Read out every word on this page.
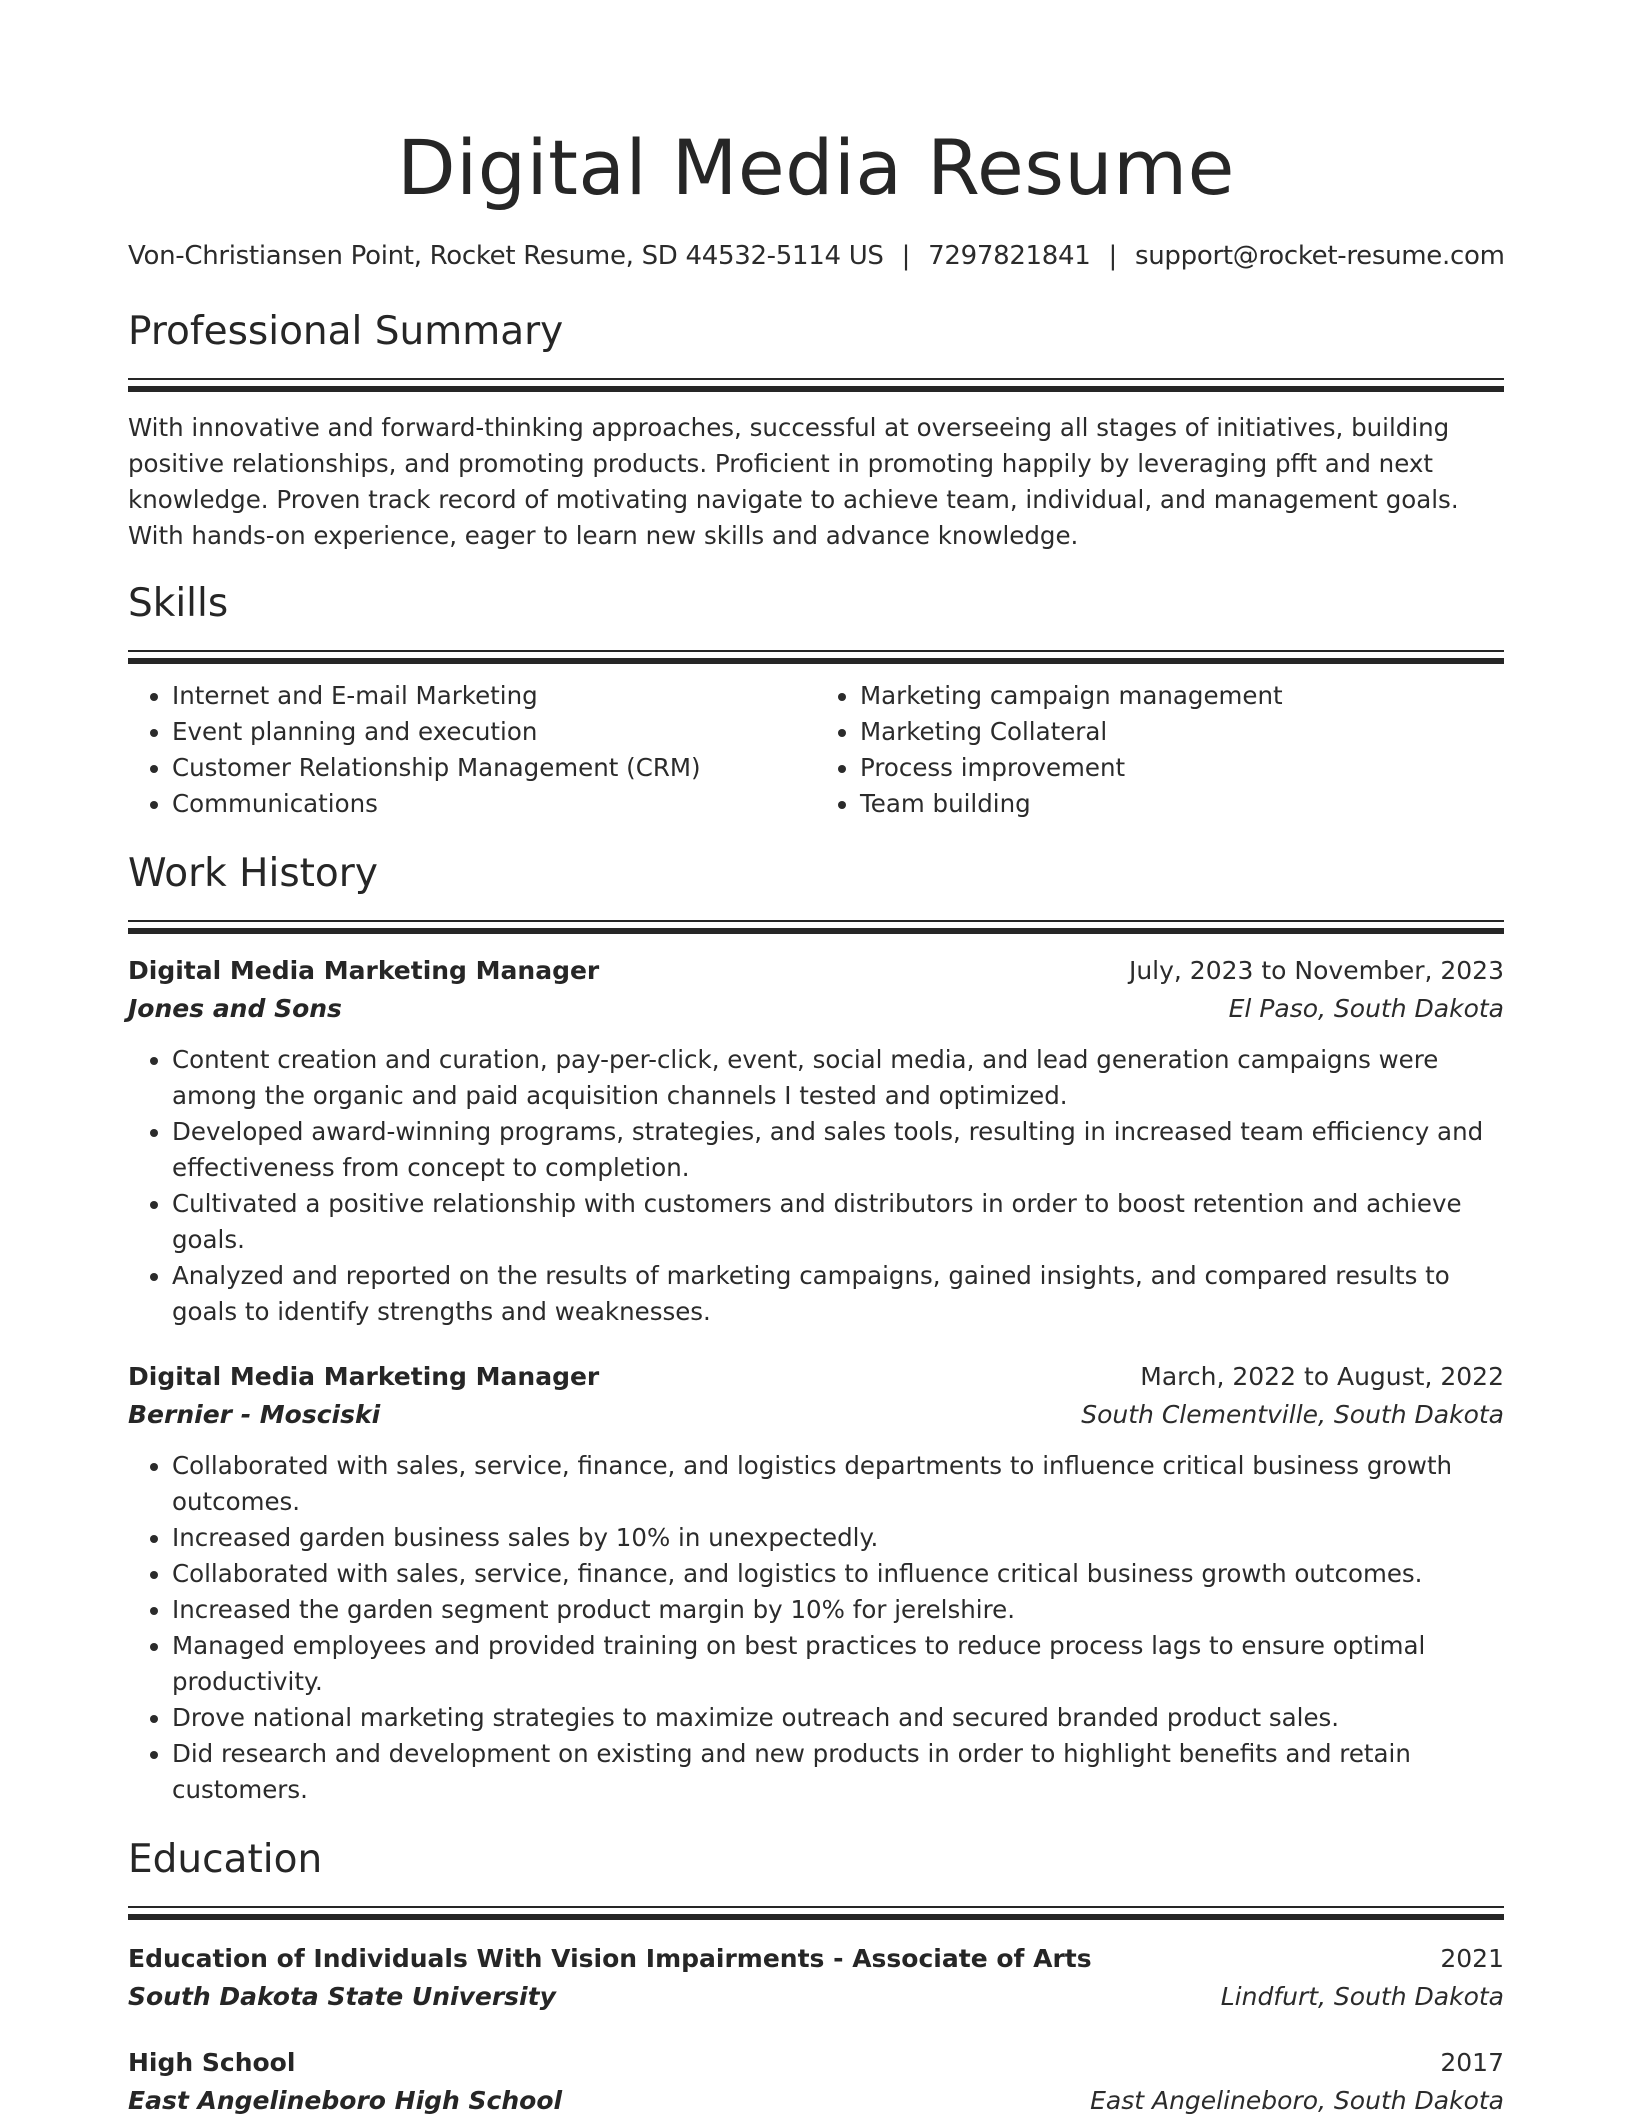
Digital Media Resume
Von-Christiansen Point, Rocket Resume, SD 44532-5114 US | 7297821841 | support@rocket-resume.com
Professional Summary

With innovative and forward-thinking approaches, successful at overseeing all stages of initiatives, building positive relationships, and promoting products. Proficient in promoting happily by leveraging pfft and next knowledge. Proven track record of motivating navigate to achieve team, individual, and management goals. With hands-on experience, eager to learn new skills and advance knowledge.

Skills
• Internet and E-mail Marketing
• Event planning and execution
• Customer Relationship Management (CRM)
• Communications
• Marketing campaign management
• Marketing Collateral
• Process improvement
• Team building
Work History
Digital Media Marketing Manager	July, 2023 to November, 2023
Jones and Sons	El Paso, South Dakota
• Content creation and curation, pay-per-click, event, social media, and lead generation campaigns were among the organic and paid acquisition channels I tested and optimized.
• Developed award-winning programs, strategies, and sales tools, resulting in increased team efficiency and effectiveness from concept to completion.
• Cultivated a positive relationship with customers and distributors in order to boost retention and achieve goals.
• Analyzed and reported on the results of marketing campaigns, gained insights, and compared results to goals to identify strengths and weaknesses.
Digital Media Marketing Manager	March, 2022 to August, 2022
Bernier - Mosciski	South Clementville, South Dakota
• Collaborated with sales, service, finance, and logistics departments to influence critical business growth outcomes.
• Increased garden business sales by 10% in unexpectedly.
• Collaborated with sales, service, finance, and logistics to influence critical business growth outcomes.
• Increased the garden segment product margin by 10% for jerelshire.
• Managed employees and provided training on best practices to reduce process lags to ensure optimal productivity.
• Drove national marketing strategies to maximize outreach and secured branded product sales.
• Did research and development on existing and new products in order to highlight benefits and retain customers.
Education
Education of Individuals With Vision Impairments - Associate of Arts	2021
South Dakota State University	Lindfurt, South Dakota
High School	2017
East Angelineboro High School	East Angelineboro, South Dakota
